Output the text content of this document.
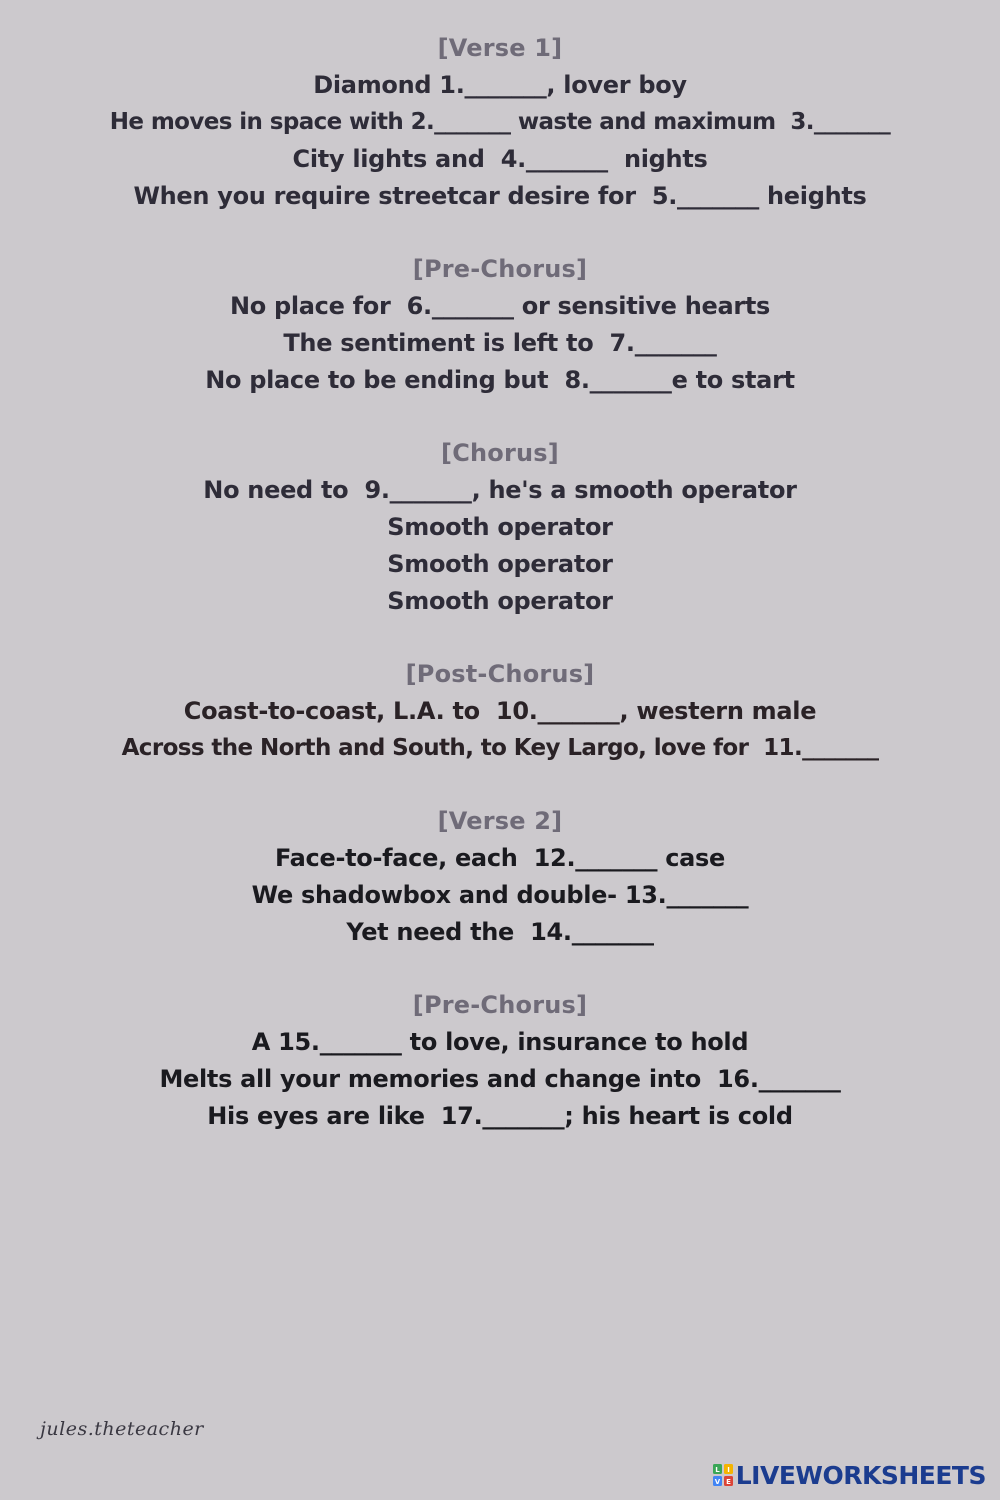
[Verse 1]
Diamond 1._______, lover boy
He moves in space with 2._______ waste and maximum  3._______
City lights and  4._______  nights
When you require streetcar desire for  5._______ heights
[Pre-Chorus]
No place for  6._______ or sensitive hearts
The sentiment is left to  7._______
No place to be ending but  8._______e to start
[Chorus]
No need to  9._______, he's a smooth operator
Smooth operator
Smooth operator
Smooth operator
[Post-Chorus]
Coast-to-coast, L.A. to  10._______, western male
Across the North and South, to Key Largo, love for  11._______
[Verse 2]
Face-to-face, each  12._______ case
We shadowbox and double- 13._______
Yet need the  14._______
[Pre-Chorus]
A 15._______ to love, insurance to hold
Melts all your memories and change into  16._______
His eyes are like  17._______; his heart is cold
jules.theteacher
L I
V E LIVEWORKSHEETS
